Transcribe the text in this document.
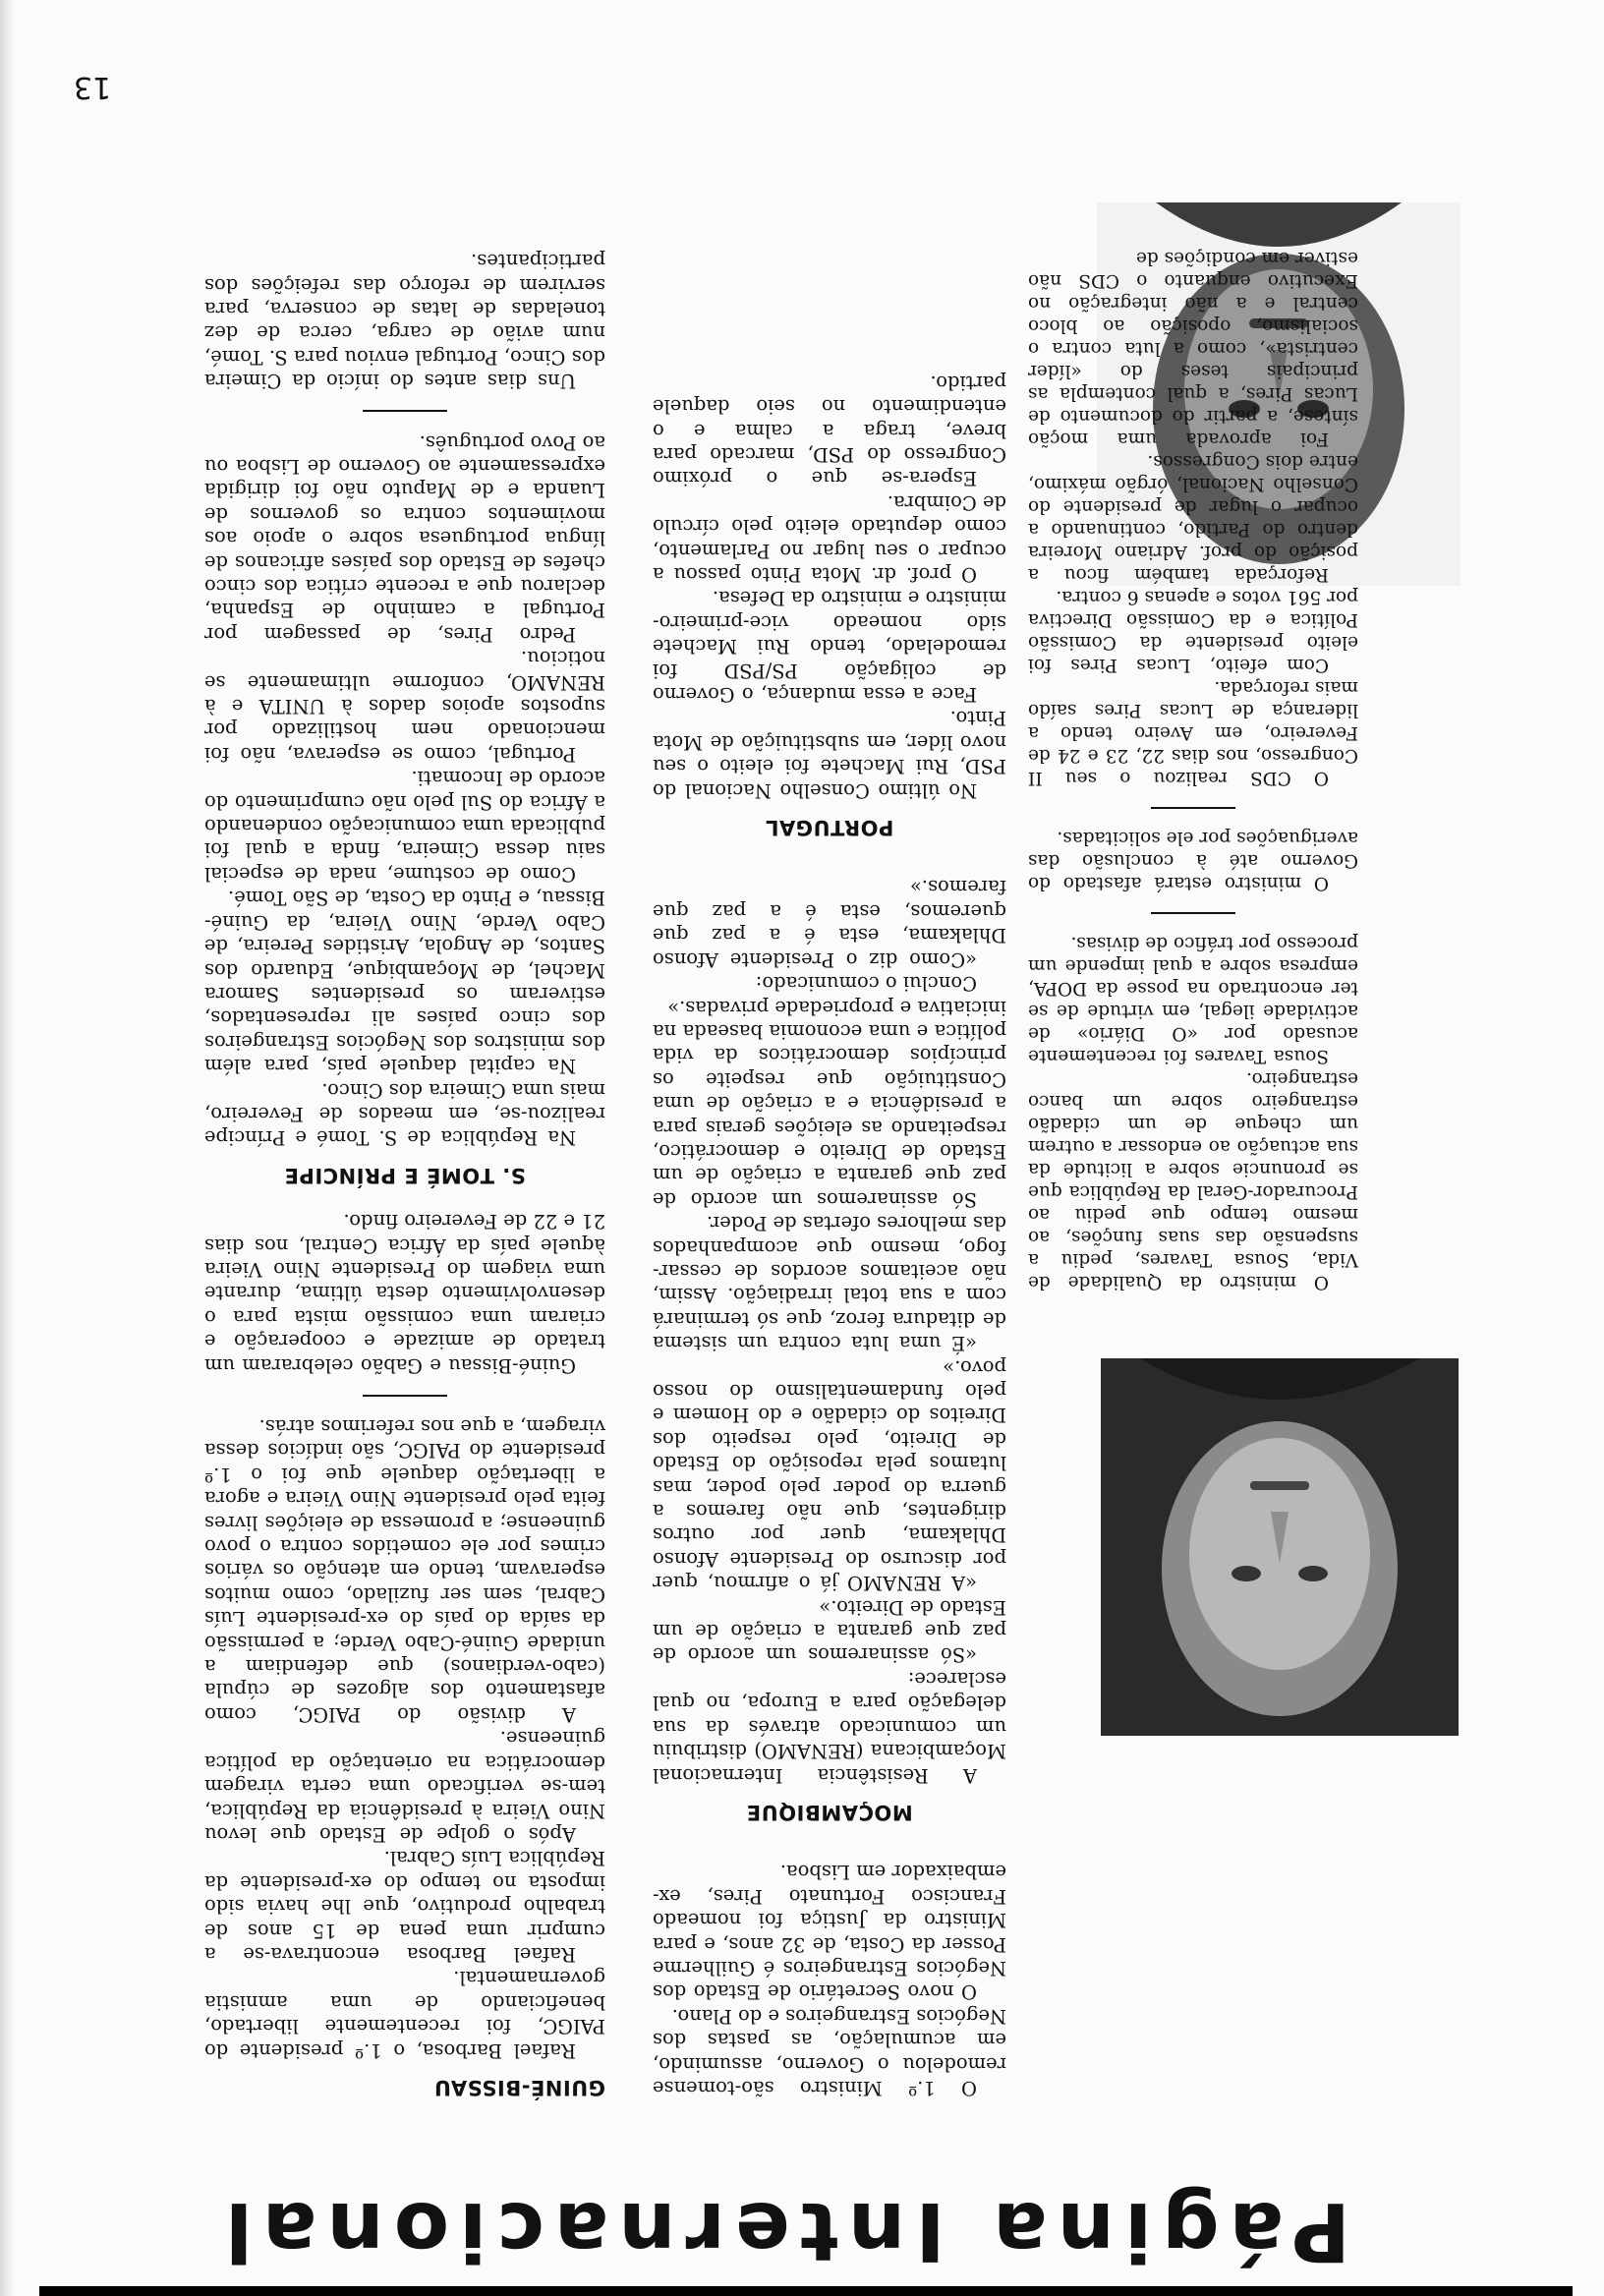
Página Internacional
GUINÉ-BISSAU

Rafael Barbosa, o 1.º presidente do PAIGC, foi recentemente libertado, beneficiando de uma amnistia governamental.

Rafael Barbosa encontrava-se a cumprir uma pena de 15 anos de trabalho produtivo, que lhe havia sido imposta no tempo do ex-presidente da República Luís Cabral.

Após o golpe de Estado que levou Nino Vieira à presidência da República, tem-se verificado uma certa viragem democrática na orientação da política guineense.

A divisão do PAIGC, como afastamento dos algozes de cúpula (cabo-verdianos) que defendiam a unidade Guiné-Cabo Verde; a permissão da saída do país do ex-presidente Luís Cabral, sem ser fuzilado, como muitos esperavam, tendo em atenção os vários crimes por ele cometidos contra o povo guineense; a promessa de eleições livres feita pelo presidente Nino Vieira e agora a libertação daquele que foi o 1.º presidente do PAIGC, são indícios dessa viragem, a que nos referimos atrás.

Guiné-Bissau e Gabão celebraram um tratado de amizade e cooperação e criaram uma comissão mista para o desenvolvimento desta última, durante uma viagem do Presidente Nino Vieira àquele país da África Central, nos dias 21 e 22 de Fevereiro findo.

S. TOMÉ E PRÍNCIPE

Na República de S. Tomé e Príncipe realizou-se, em meados de Fevereiro, mais uma Cimeira dos Cinco.

Na capital daquele país, para além dos ministros dos Negócios Estrangeiros dos cinco países ali representados, estiveram os presidentes Samora Machel, de Moçambique, Eduardo dos Santos, de Angola, Aristides Pereira, de Cabo Verde, Nino Vieira, da Guiné-Bissau, e Pinto da Costa, de São Tomé.

Como de costume, nada de especial saiu dessa Cimeira, finda a qual foi publicada uma comunicação condenando a África do Sul pelo não cumprimento do acordo de Incomati.

Portugal, como se esperava, não foi mencionado nem hostilizado por supostos apoios dados à UNITA e à RENAMO, conforme ultimamente se noticiou.

Pedro Pires, de passagem por Portugal a caminho de Espanha, declarou que a recente crítica dos cinco chefes de Estado dos países africanos de língua portuguesa sobre o apoio aos movimentos contra os governos de Luanda e de Maputo não foi dirigida expressamente ao Governo de Lisboa ou ao Povo português.

Uns dias antes do início da Cimeira dos Cinco, Portugal enviou para S. Tomé, num avião de carga, cerca de dez toneladas de latas de conserva, para servirem de reforço das refeições dos participantes.

O 1.º Ministro são-tomense remodelou o Governo, assumindo, em acumulação, as pastas dos Negócios Estrangeiros e do Plano.

O novo Secretário de Estado dos Negócios Estrangeiros é Guilherme Posser da Costa, de 32 anos, e para Ministro da Justiça foi nomeado Francisco Fortunato Pires, ex-embaixador em Lisboa.

MOÇAMBIQUE

A Resistência Internacional Moçambicana (RENAMO) distribuiu um comunicado através da sua delegação para a Europa, no qual esclarece:

«Só assinaremos um acordo de paz que garanta a criação de um Estado de Direito.»

«A RENAMO já o afirmou, quer por discurso do Presidente Afonso Dhlakama, quer por outros dirigentes, que não faremos a guerra do poder pelo poder, mas lutamos pela reposição do Estado de Direito, pelo respeito dos Direitos do cidadão e do Homem e pelo fundamentalismo do nosso povo.»

«É uma luta contra um sistema de ditadura feroz, que só terminará com a sua total irradiação. Assim, não aceitamos acordos de cessar-fogo, mesmo que acompanhados das melhores ofertas de Poder.

Só assinaremos um acordo de paz que garanta a criação de um Estado de Direito e democrático, respeitando as eleições gerais para a presidência e a criação de uma Constituição que respeite os princípios democráticos da vida política e uma economia baseada na iniciativa e propriedade privadas.»

Conclui o comunicado:

«Como diz o Presidente Afonso Dhlakama, esta é a paz que queremos, esta é a paz que faremos.»

PORTUGAL

No último Conselho Nacional do PSD, Rui Machete foi eleito o seu novo líder, em substituição de Mota Pinto.

Face a essa mudança, o Governo de coligação PS/PSD foi remodelado, tendo Rui Machete sido nomeado vice-primeiro-ministro e ministro da Defesa.

O prof. dr. Mota Pinto passou a ocupar o seu lugar no Parlamento, como deputado eleito pelo círculo de Coimbra.

Espera-se que o próximo Congresso do PSD, marcado para breve, traga a calma e o entendimento no seio daquele partido.

O ministro da Qualidade de Vida, Sousa Tavares, pediu a suspensão das suas funções, ao mesmo tempo que pediu ao Procurador-Geral da República que se pronuncie sobre a licitude da sua actuação ao endossar a outrem um cheque de um cidadão estrangeiro sobre um banco estrangeiro.

Sousa Tavares foi recentemente acusado por «O Diário» de actividade ilegal, em virtude de se ter encontrado na posse da DOPA, empresa sobre a qual impende um processo por tráfico de divisas.

O ministro estará afastado do Governo até à conclusão das averiguações por ele solicitadas.

O CDS realizou o seu II Congresso, nos dias 22, 23 e 24 de Fevereiro, em Aveiro tendo a liderança de Lucas Pires saído mais reforçada.

Com efeito, Lucas Pires foi eleito presidente da Comissão Política e da Comissão Directiva por 561 votos e apenas 6 contra.

Reforçada também ficou a posição do prof. Adriano Moreira dentro do Partido, continuando a ocupar o lugar de presidente do Conselho Nacional, órgão máximo, entre dois Congressos.

Foi aprovada uma moção síntese, a partir do documento de Lucas Pires, a qual contempla as principais teses do «líder centrista», como a luta contra o socialismo, oposição ao bloco central e a não integração no Executivo enquanto o CDS não estiver em condições de

13
